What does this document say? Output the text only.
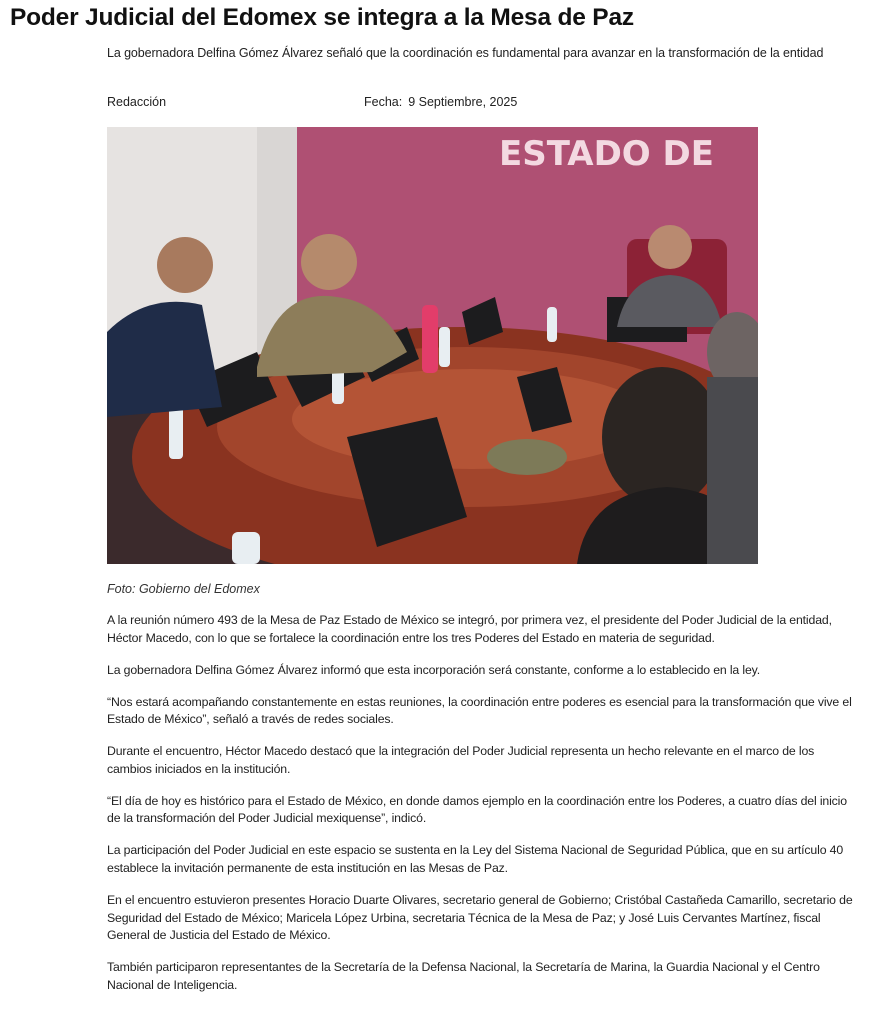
Poder Judicial del Edomex se integra a la Mesa de Paz

La gobernadora Delfina Gómez Álvarez señaló que la coordinación es fundamental para avanzar en la transformación de la entidad

Redacción	Fecha: 9 Septiembre, 2025
ESTADO DE

Foto: Gobierno del Edomex

A la reunión número 493 de la Mesa de Paz Estado de México se integró, por primera vez, el presidente del Poder Judicial de la entidad, Héctor Macedo, con lo que se fortalece la coordinación entre los tres Poderes del Estado en materia de seguridad.

La gobernadora Delfina Gómez Álvarez informó que esta incorporación será constante, conforme a lo establecido en la ley.

“Nos estará acompañando constantemente en estas reuniones, la coordinación entre poderes es esencial para la transformación que vive el Estado de México”, señaló a través de redes sociales.

Durante el encuentro, Héctor Macedo destacó que la integración del Poder Judicial representa un hecho relevante en el marco de los cambios iniciados en la institución.

“El día de hoy es histórico para el Estado de México, en donde damos ejemplo en la coordinación entre los Poderes, a cuatro días del inicio de la transformación del Poder Judicial mexiquense”, indicó.

La participación del Poder Judicial en este espacio se sustenta en la Ley del Sistema Nacional de Seguridad Pública, que en su artículo 40 establece la invitación permanente de esta institución en las Mesas de Paz.

En el encuentro estuvieron presentes Horacio Duarte Olivares, secretario general de Gobierno; Cristóbal Castañeda Camarillo, secretario de Seguridad del Estado de México; Maricela López Urbina, secretaria Técnica de la Mesa de Paz; y José Luis Cervantes Martínez, fiscal General de Justicia del Estado de México.

También participaron representantes de la Secretaría de la Defensa Nacional, la Secretaría de Marina, la Guardia Nacional y el Centro Nacional de Inteligencia.
